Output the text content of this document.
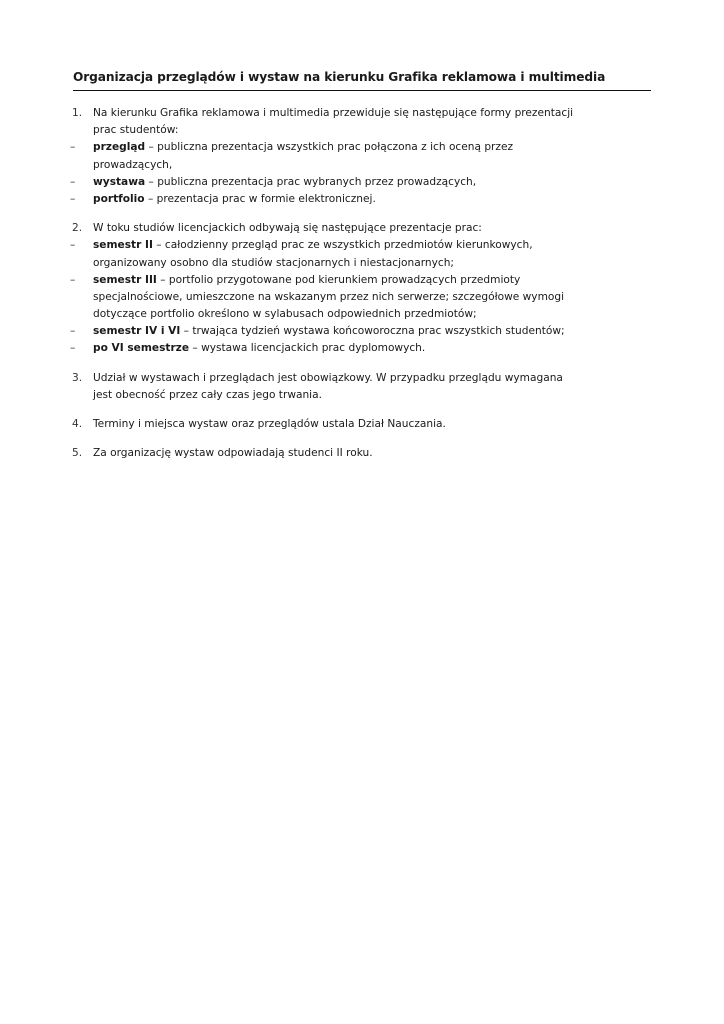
Organizacja przeglądów i wystaw na kierunku Grafika reklamowa i multimedia
1.	Na kierunku Grafika reklamowa i multimedia przewiduje się następujące formy prezentacji
prac studentów:
– przegląd – publiczna prezentacja wszystkich prac połączona z ich oceną przez
prowadzących,
– wystawa – publiczna prezentacja prac wybranych przez prowadzących,
– portfolio – prezentacja prac w formie elektronicznej.
2.	W toku studiów licencjackich odbywają się następujące prezentacje prac:
– semestr II – całodzienny przegląd prac ze wszystkich przedmiotów kierunkowych,
organizowany osobno dla studiów stacjonarnych i niestacjonarnych;
– semestr III – portfolio przygotowane pod kierunkiem prowadzących przedmioty
specjalnościowe, umieszczone na wskazanym przez nich serwerze; szczegółowe wymogi
dotyczące portfolio określono w sylabusach odpowiednich przedmiotów;
– semestr IV i VI – trwająca tydzień wystawa końcoworoczna prac wszystkich studentów;
– po VI semestrze – wystawa licencjackich prac dyplomowych.
3.	Udział w wystawach i przeglądach jest obowiązkowy. W przypadku przeglądu wymagana
jest obecność przez cały czas jego trwania.
4.	Terminy i miejsca wystaw oraz przeglądów ustala Dział Nauczania.
5.	Za organizację wystaw odpowiadają studenci II roku.
